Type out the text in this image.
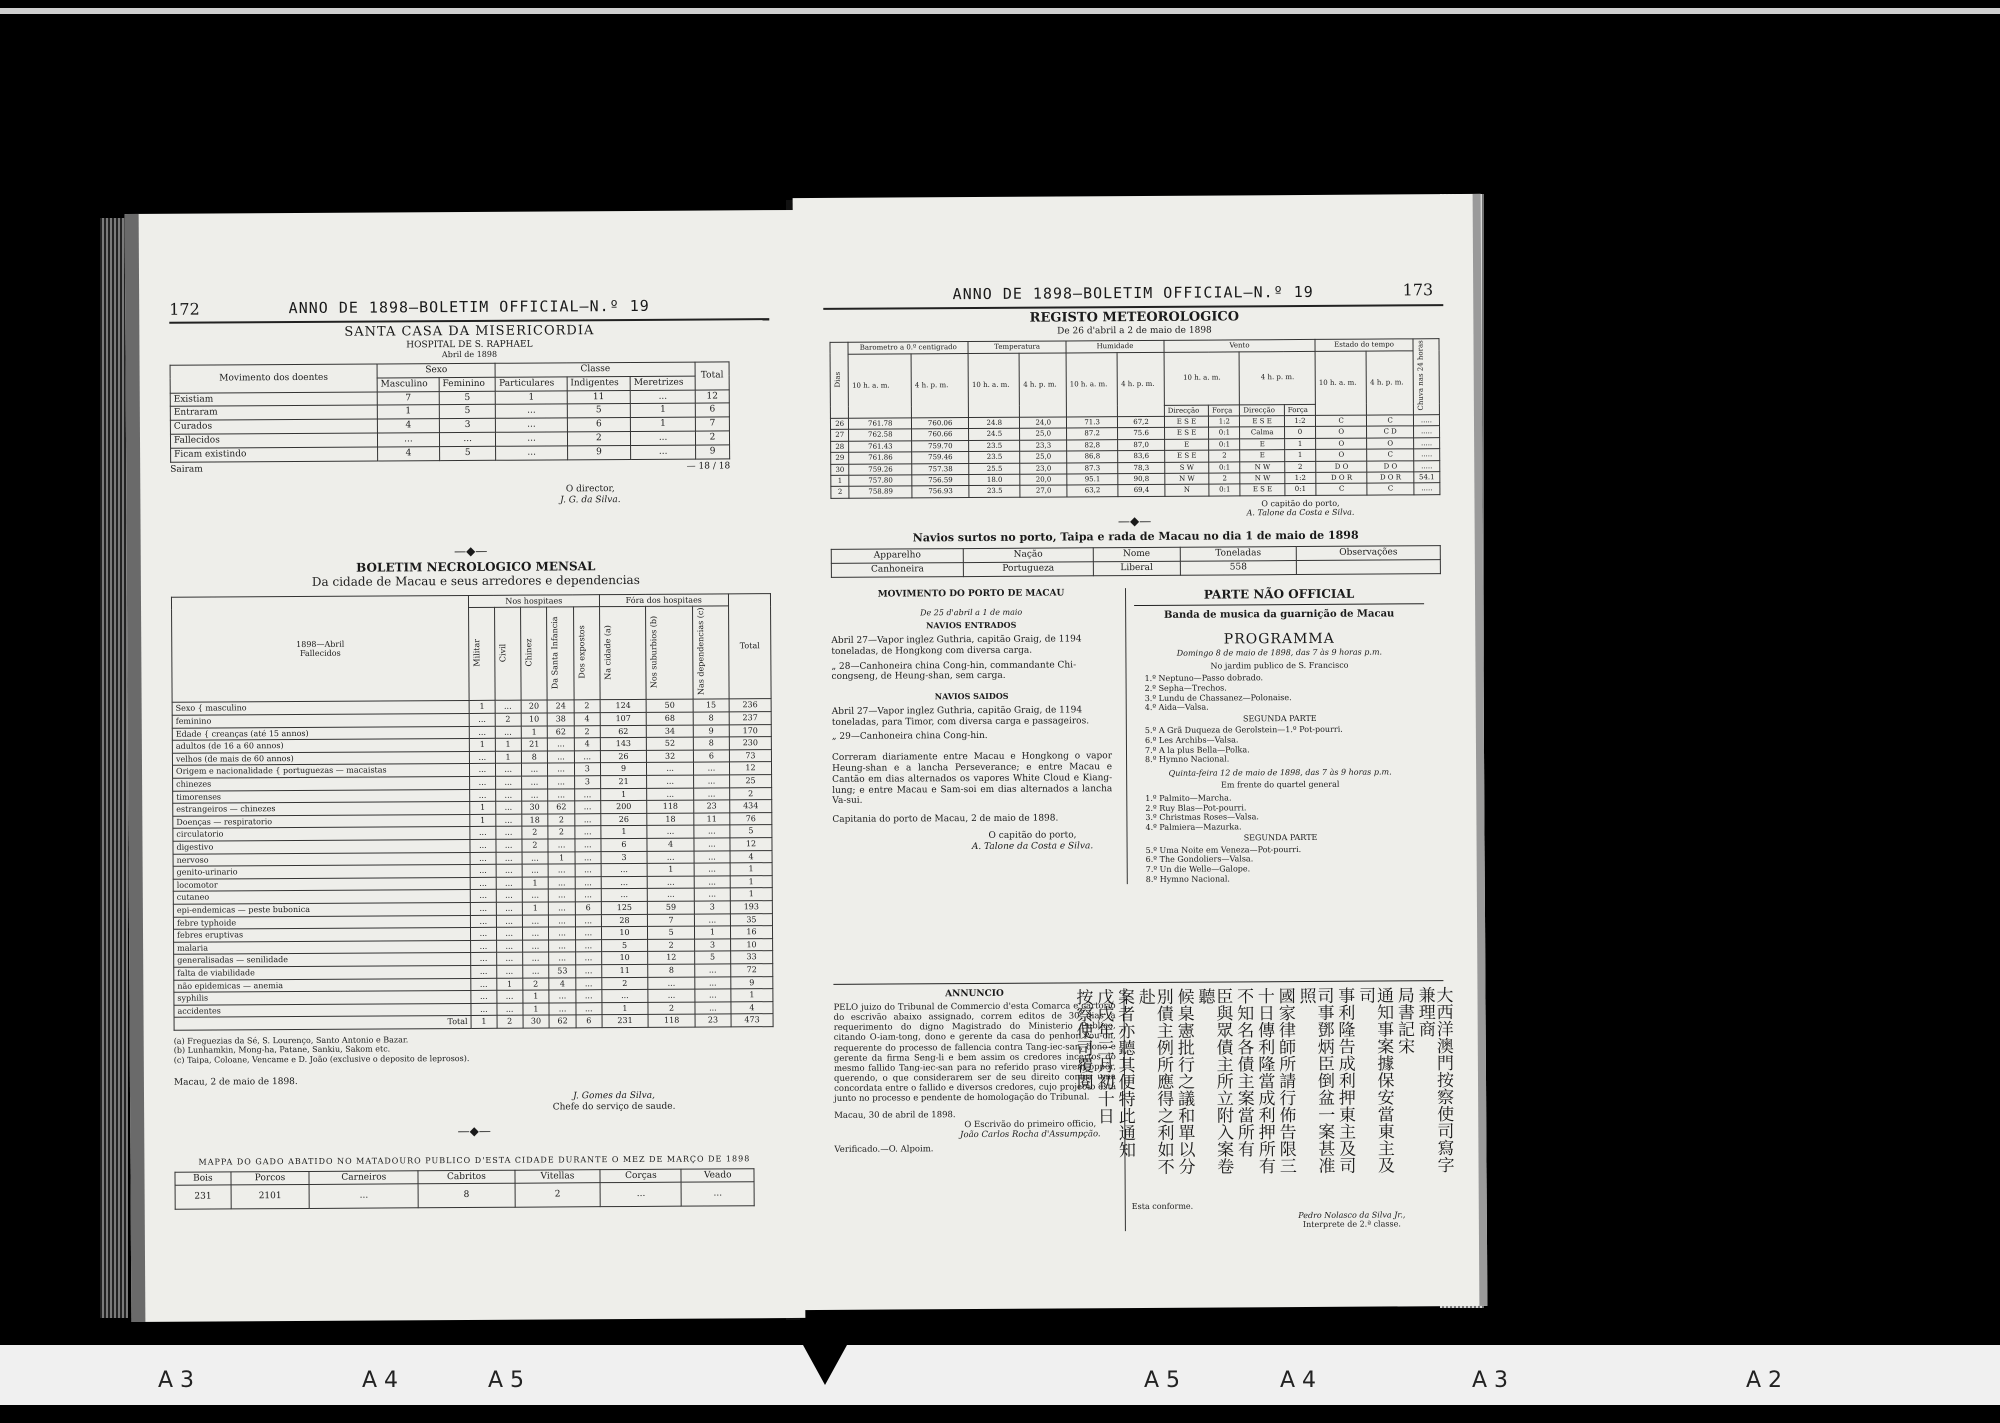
172	ANNO DE 1898—BOLETIM OFFICIAL—N.º 19
SANTA CASA DA MISERICORDIA
HOSPITAL DE S. RAPHAEL
Abril de 1898
Movimento dos doentes	Sexo		Classe			Total
	Masculino	Feminino	Particulares	Indigentes	Meretrizes	
Existiam	7	5	1	11	...	12
Entraram	1	5	...	5	1	6
Curados	4	3	...	6	1	7
Fallecidos	...	...	...	2	...	2
Ficam existindo	4	5	...	9	...	9
Sairam	— 18 / 18
O director,
J. G. da Silva.
—◆—
BOLETIM NECROLOGICO MENSAL
Da cidade de Macau e seus arredores e dependencias
1898—Abril
Fallecidos	Nos hospitaes					Fóra dos hospitaes			Total
	Militar	Civil	Chinez	Da Santa Infancia	Dos expostos	Na cidade (a)	Nos suburbios (b)	Nas dependencias (c)	
Sexo { masculino	1	...	20	24	2	124	50	15	236
feminino	...	2	10	38	4	107	68	8	237
Edade { creanças (até 15 annos)	...	...	1	62	2	62	34	9	170
adultos (de 16 a 60 annos)	1	1	21	...	4	143	52	8	230
velhos (de mais de 60 annos)	...	1	8	...	...	26	32	6	73
Origem e nacionalidade { portuguezas — macaistas	...	...	...	...	3	9	...	...	12
chinezes	...	...	...	...	3	21	...	...	25
timorenses	...	...	...	...	...	1	...	...	2
estrangeiros — chinezes	1	...	30	62	...	200	118	23	434
Doenças — respiratorio	1	...	18	2	...	26	18	11	76
circulatorio	...	...	2	2	...	1	...	...	5
digestivo	...	...	2	...	...	6	4	...	12
nervoso	...	...	...	1	...	3	...	...	4
genito-urinario	...	...	...	...	...	...	1	...	1
locomotor	...	...	1	...	...	...	...	...	1
cutaneo	...	...	...	...	...	...	...	...	1
epi-endemicas — peste bubonica	...	...	1	...	6	125	59	3	193
febre typhoide	...	...	...	...	...	28	7	...	35
febres eruptivas	...	...	...	...	...	10	5	1	16
malaria	...	...	...	...	...	5	2	3	10
generalisadas — senilidade	...	...	...	...	...	10	12	5	33
falta de viabilidade	...	...	...	53	...	11	8	...	72
não epidemicas — anemia	...	1	2	4	...	2	...	...	9
syphilis	...	...	1	...	...	...	...	...	1
accidentes	...	...	1	...	...	1	2	...	4
Total	1	2	30	62	6	231	118	23	473
(a) Freguezias da Sé, S. Lourenço, Santo Antonio e Bazar.
(b) Lunhamkin, Mong-ha, Patane, Sankiu, Sakom etc.
(c) Taipa, Coloane, Vencame e D. João (exclusive o deposito de leprosos).
Macau, 2 de maio de 1898.
J. Gomes da Silva,
Chefe do serviço de saude.
—◆—
MAPPA DO GADO ABATIDO NO MATADOURO PUBLICO D'ESTA CIDADE DURANTE O MEZ DE MARÇO DE 1898
Bois	Porcos	Carneiros	Cabritos	Vitellas	Corças	Veado
231	2101	...	8	2	...	...
ANNO DE 1898—BOLETIM OFFICIAL—N.º 19	173
REGISTO METEOROLOGICO
De 26 d'abril a 2 de maio de 1898
Dias	Barometro a 0.º centigrado		Temperatura		Humidade		Vento				Estado do tempo		Chuva nas 24 horas
	10 h. a. m.	4 h. p. m.	10 h. a. m.	4 h. p. m.	10 h. a. m.	4 h. p. m.	10 h. a. m.		4 h. p. m.		10 h. a. m.	4 h. p. m.	
							Direcção	Força	Direcção	Força			
26	761.78	760.06	24.8	24,0	71.3	67,2	E S E	1:2	E S E	1:2	C	C	.....
27	762.58	760.66	24.5	25,0	87.2	75.6	E S E	0:1	Calma	0	O	C D	.....
28	761.43	759.70	23.5	23,3	82,8	87,0	E	0:1	E	1	O	O	.....
29	761.86	759.46	23.5	25,0	86,8	83,6	E S E	2	E	1	O	C	.....
30	759.26	757.38	25.5	23,0	87.3	78,3	S W	0:1	N W	2	D O	D O	.....
1	757.80	756.59	18.0	20,0	95.1	90,8	N W	2	N W	1:2	D O R	D O R	54.1
2	758.89	756.93	23.5	27,0	63,2	69,4	N	0:1	E S E	0:1	C	C	.....
O capitão do porto,
A. Talone da Costa e Silva.
—◆—
Navios surtos no porto, Taipa e rada de Macau no dia 1 de maio de 1898
Apparelho	Nação	Nome	Toneladas	Observações
Canhoneira	Portugueza	Liberal	558	
MOVIMENTO DO PORTO DE MACAU
De 25 d'abril a 1 de maio
NAVIOS ENTRADOS
Abril 27—Vapor inglez Guthria, capitão Graig, de 1194 toneladas, de Hongkong com diversa carga.
„ 28—Canhoneira china Cong-hin, commandante Chi-congseng, de Heung-shan, sem carga.
NAVIOS SAIDOS
Abril 27—Vapor inglez Guthria, capitão Graig, de 1194 toneladas, para Timor, com diversa carga e passageiros.
„ 29—Canhoneira china Cong-hin.
Correram diariamente entre Macau e Hongkong o vapor Heung-shan e a lancha Perseverance; e entre Macau e Cantão em dias alternados os vapores White Cloud e Kiang-lung; e entre Macau e Sam-soi em dias alternados a lancha Va-sui.
Capitania do porto de Macau, 2 de maio de 1898.
O capitão do porto,
A. Talone da Costa e Silva.
PARTE NÃO OFFICIAL
Banda de musica da guarnição de Macau
PROGRAMMA
Domingo 8 de maio de 1898, das 7 às 9 horas p.m.
No jardim publico de S. Francisco
1.º Neptuno—Passo dobrado.
2.º Sepha—Trechos.
3.º Lundu de Chassanez—Polonaise.
4.º Aida—Valsa.
SEGUNDA PARTE
5.º A Grã Duqueza de Gerolstein—1.º Pot-pourri.
6.º Les Archibs—Valsa.
7.º A la plus Bella—Polka.
8.º Hymno Nacional.
Quinta-feira 12 de maio de 1898, das 7 às 9 horas p.m.
Em frente do quartel general
1.º Palmito—Marcha.
2.º Ruy Blas—Pot-pourri.
3.º Christmas Roses—Valsa.
4.º Palmiera—Mazurka.
SEGUNDA PARTE
5.º Uma Noite em Veneza—Pot-pourri.
6.º The Gondoliers—Valsa.
7.º Un die Welle—Galope.
8.º Hymno Nacional.
ANNUNCIO
PELO juizo do Tribunal de Commercio d'esta Comarca e cartorio do escrivão abaixo assignado, correm editos de 30 dias a requerimento do digno Magistrado do Ministerio Publico, citando O-iam-tong, dono e gerente da casa do penhor Pou-on, requerente do processo de fallencia contra Tang-iec-san, dono e gerente da firma Seng-li e bem assim os credores incertos do mesmo fallido Tang-iec-san para no referido praso virem oppôr, querendo, o que considerarem ser de seu direito contra uma concordata entre o fallido e diversos credores, cujo projecto está junto no processo e pendente de homologação do Tribunal.
Macau, 30 de abril de 1898.
O Escrivão do primeiro officio,
João Carlos Rocha d'Assumpção.
Verificado.—O. Alpoim.	大西洋澳門按察使司寫字兼理商
局書記宋
通知事案據保安當東主及司
事利隆告成利押東主及司
司事鄧炳臣倒盆一案甚准照
國家律師所請行佈告限三
十日傳利隆當成利押所有
不知名各債主案當所有
臣與眾債主所立附入案卷聽
候臬憲批行之議和單以分
別債主例所應得之利如不赴
案者亦聽其便特此通知
戊戌年三月初十日
按察使司覆閱
Esta conforme.
Pedro Nolasco da Silva Jr.,
Interprete de 2.ª classe.
A 3	A 4	A 5	A 5	A 4	A 3	A 2
